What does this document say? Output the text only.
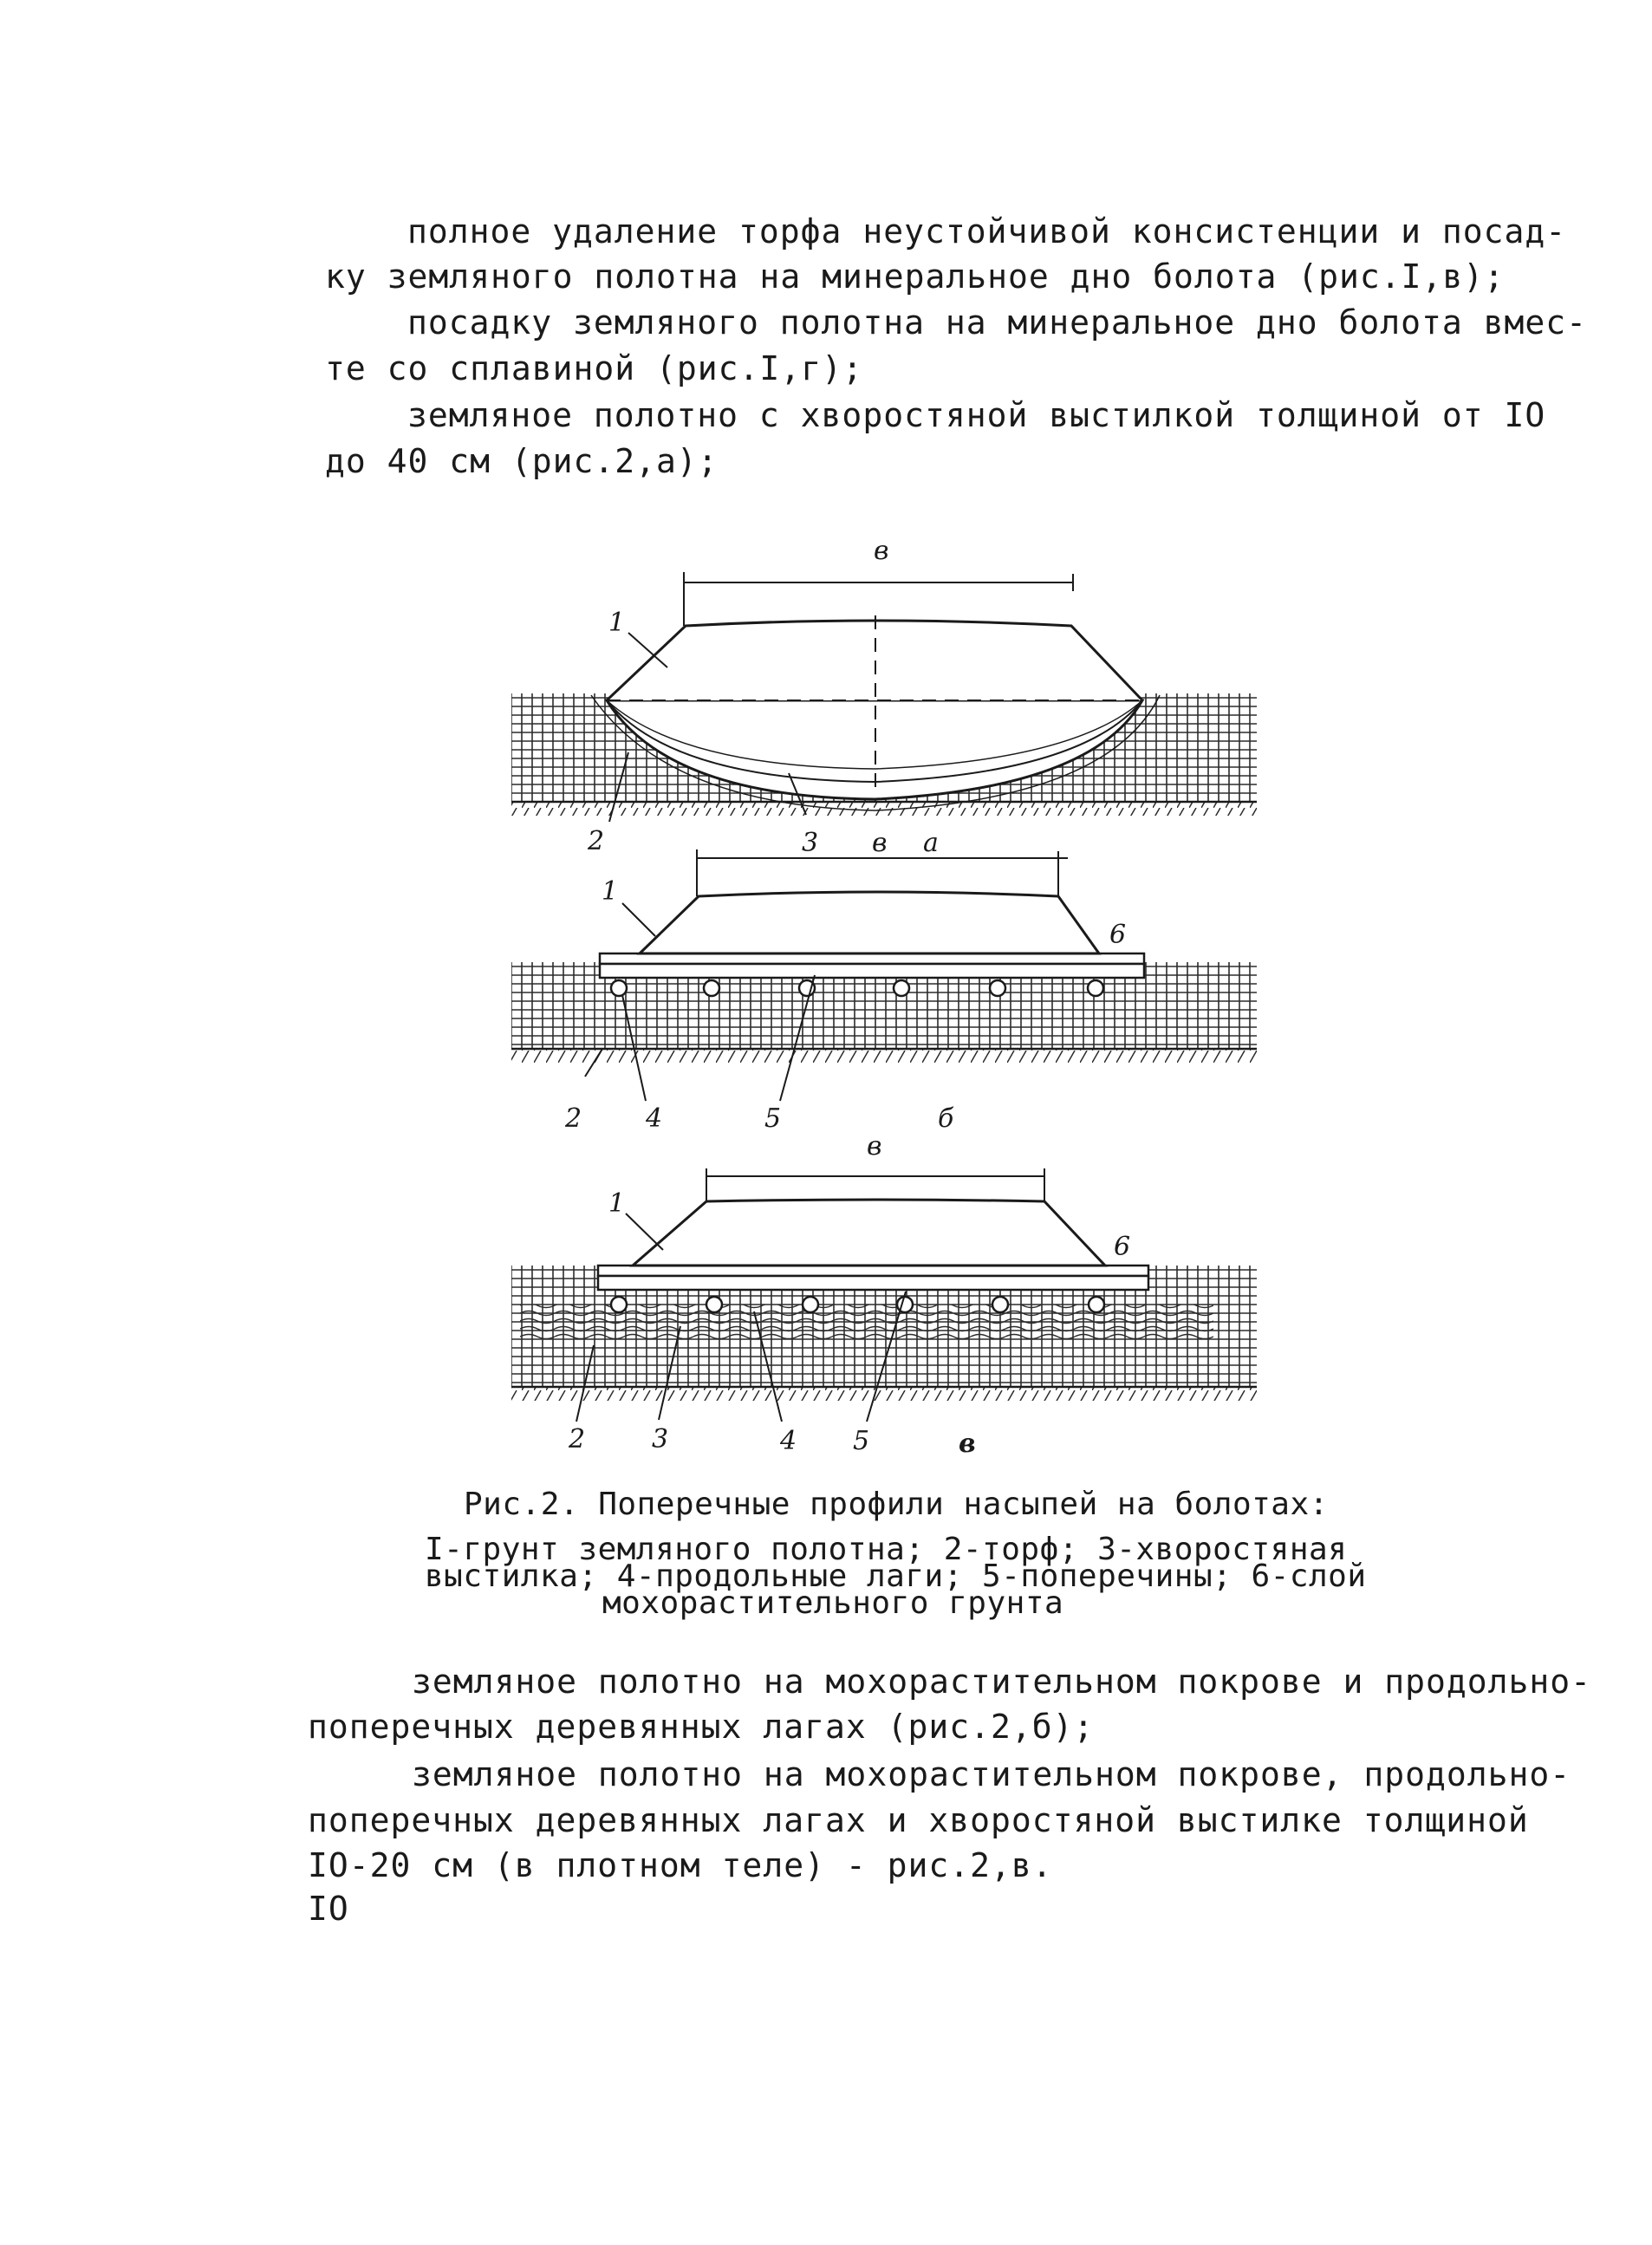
полное удаление торфа неустойчивой консистенции и посад-
ку земляного полотна на минеральное дно болота (рис.I,в);
посадку земляного полотна на минеральное дно болота вмес-
те со сплавиной (рис.I,г);
земляное полотно с хворостяной выстилкой толщиной от IO
до 40 см (рис.2,а);
в
1
2	3	а
в
1
6
2 4	5	б
в
1
6
2	3	4 5	в
Рис.2. Поперечные профили насыпей на болотах:
I-грунт земляного полотна; 2-торф; 3-хворостяная
выстилка; 4-продольные лаги; 5-поперечины; 6-слой
мохорастительного грунта
земляное полотно на мохорастительном покрове и продольно-
поперечных деревянных лагах (рис.2,б);
земляное полотно на мохорастительном покрове, продольно-
поперечных деревянных лагах и хворостяной выстилке толщиной
IO-20 см (в плотном теле) - рис.2,в.
IO
